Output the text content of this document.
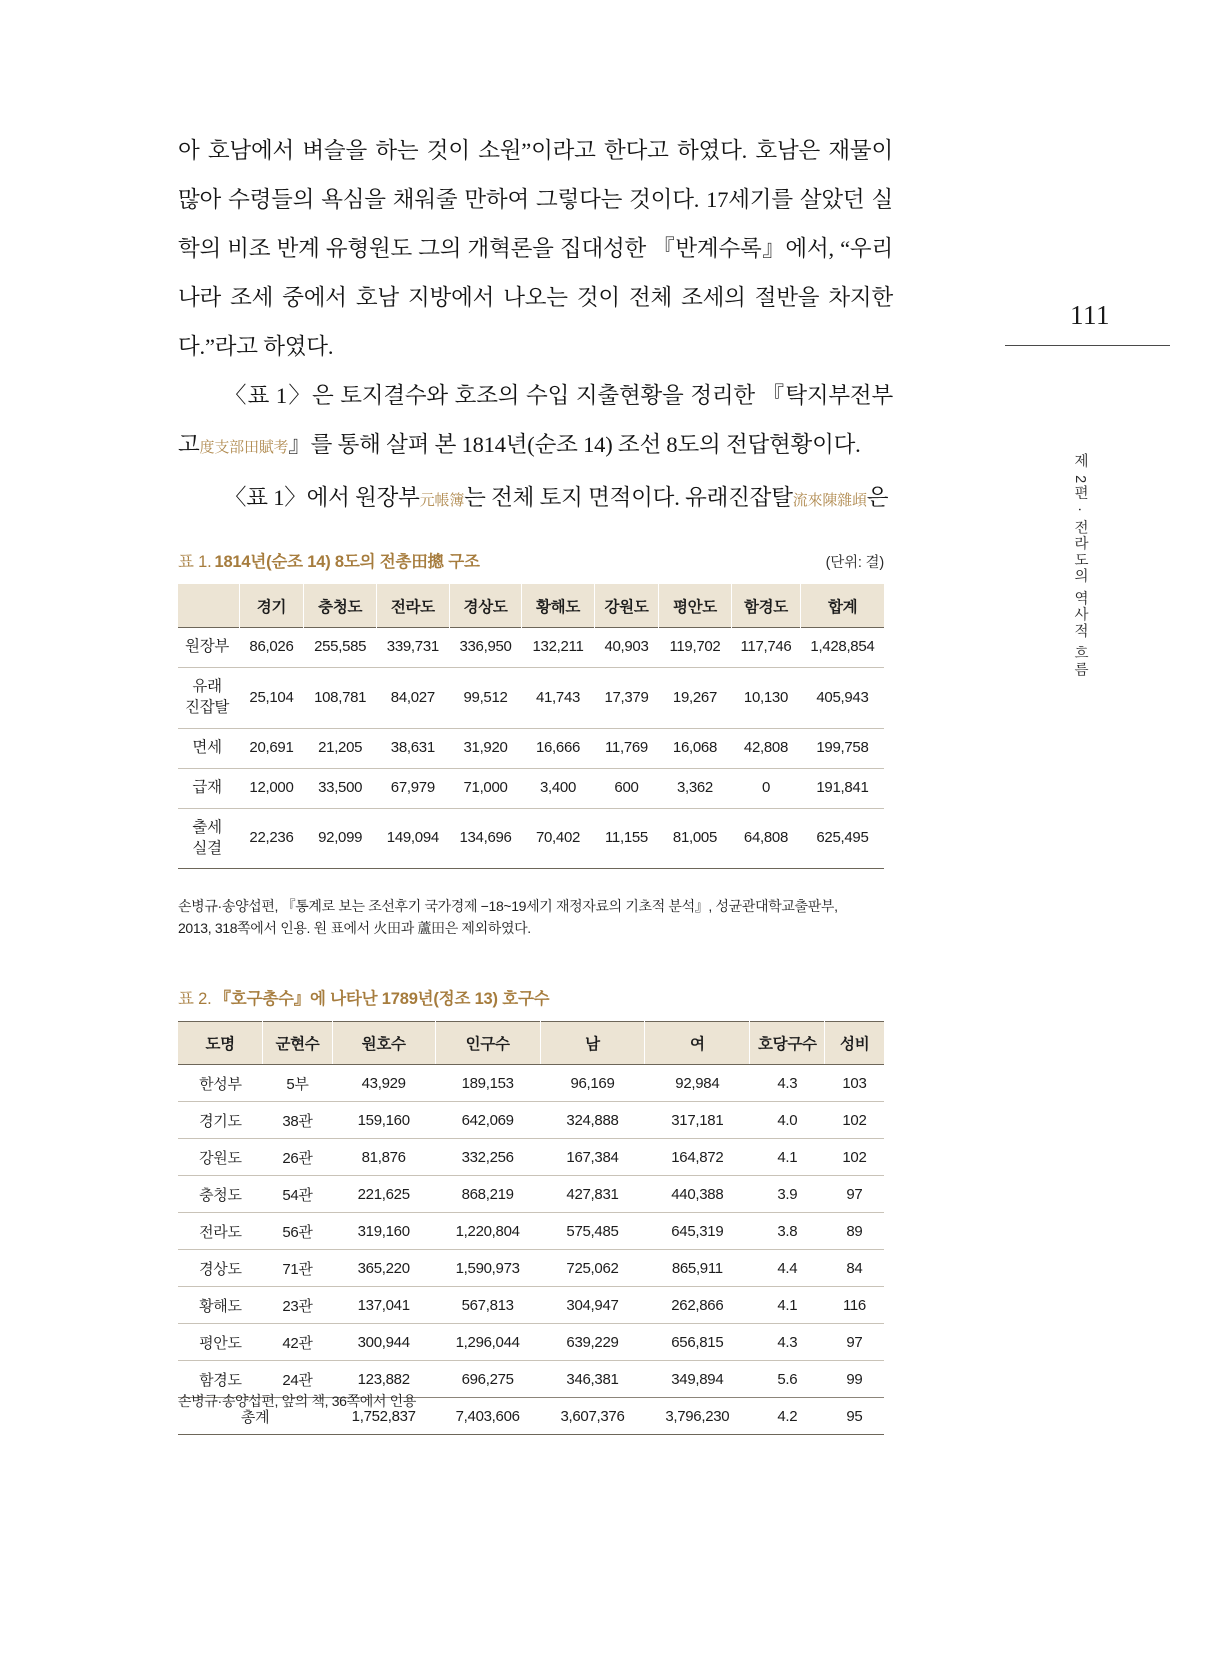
111
제 2편 · 전라도의 역사적 흐름

아 호남에서 벼슬을 하는 것이 소원”이라고 한다고 하였다. 호남은 재물이 많아 수령들의 욕심을 채워줄 만하여 그렇다는 것이다. 17세기를 살았던 실학의 비조 반계 유형원도 그의 개혁론을 집대성한 『반계수록』에서, “우리나라 조세 중에서 호남 지방에서 나오는 것이 전체 조세의 절반을 차지한다.”라고 하였다.

〈표 1〉은 토지결수와 호조의 수입 지출현황을 정리한 『탁지부전부고度支部田賦考』를 통해 살펴 본 1814년(순조 14) 조선 8도의 전답현황이다.

〈표 1〉에서 원장부元帳簿는 전체 토지 면적이다. 유래진잡탈流來陳雜頉은

표 1. 1814년(순조 14) 8도의 전총田摠 구조	(단위: 결)
	경기	충청도	전라도	경상도	황해도	강원도	평안도	함경도	합계
원장부	86,026	255,585	339,731	336,950	132,211	40,903	119,702	117,746	1,428,854

유래
진잡탈	25,104	108,781	84,027	99,512	41,743	17,379	19,267	10,130	405,943
면세	20,691	21,205	38,631	31,920	16,666	11,769	16,068	42,808	199,758
급재	12,000	33,500	67,979	71,000	3,400	600	3,362	0	191,841

출세
실결	22,236	92,099	149,094	134,696	70,402	11,155	81,005	64,808	625,495
손병규·송양섭편, 『통계로 보는 조선후기 국가경제 −18~19세기 재정자료의 기초적 분석』, 성균관대학교출판부,
2013, 318쪽에서 인용. 원 표에서 火田과 蘆田은 제외하였다.
표 2. 『호구총수』에 나타난 1789년(정조 13) 호구수
도명	군현수	원호수	인구수	남	여	호당구수	성비
한성부	5부	43,929	189,153	96,169	92,984	4.3	103
경기도	38관	159,160	642,069	324,888	317,181	4.0	102
강원도	26관	81,876	332,256	167,384	164,872	4.1	102
충청도	54관	221,625	868,219	427,831	440,388	3.9	97
전라도	56관	319,160	1,220,804	575,485	645,319	3.8	89
경상도	71관	365,220	1,590,973	725,062	865,911	4.4	84
황해도	23관	137,041	567,813	304,947	262,866	4.1	116
평안도	42관	300,944	1,296,044	639,229	656,815	4.3	97
함경도	24관	123,882	696,275	346,381	349,894	5.6	99
총계		1,752,837	7,403,606	3,607,376	3,796,230	4.2	95
손병규·송양섭편, 앞의 책, 36쪽에서 인용
